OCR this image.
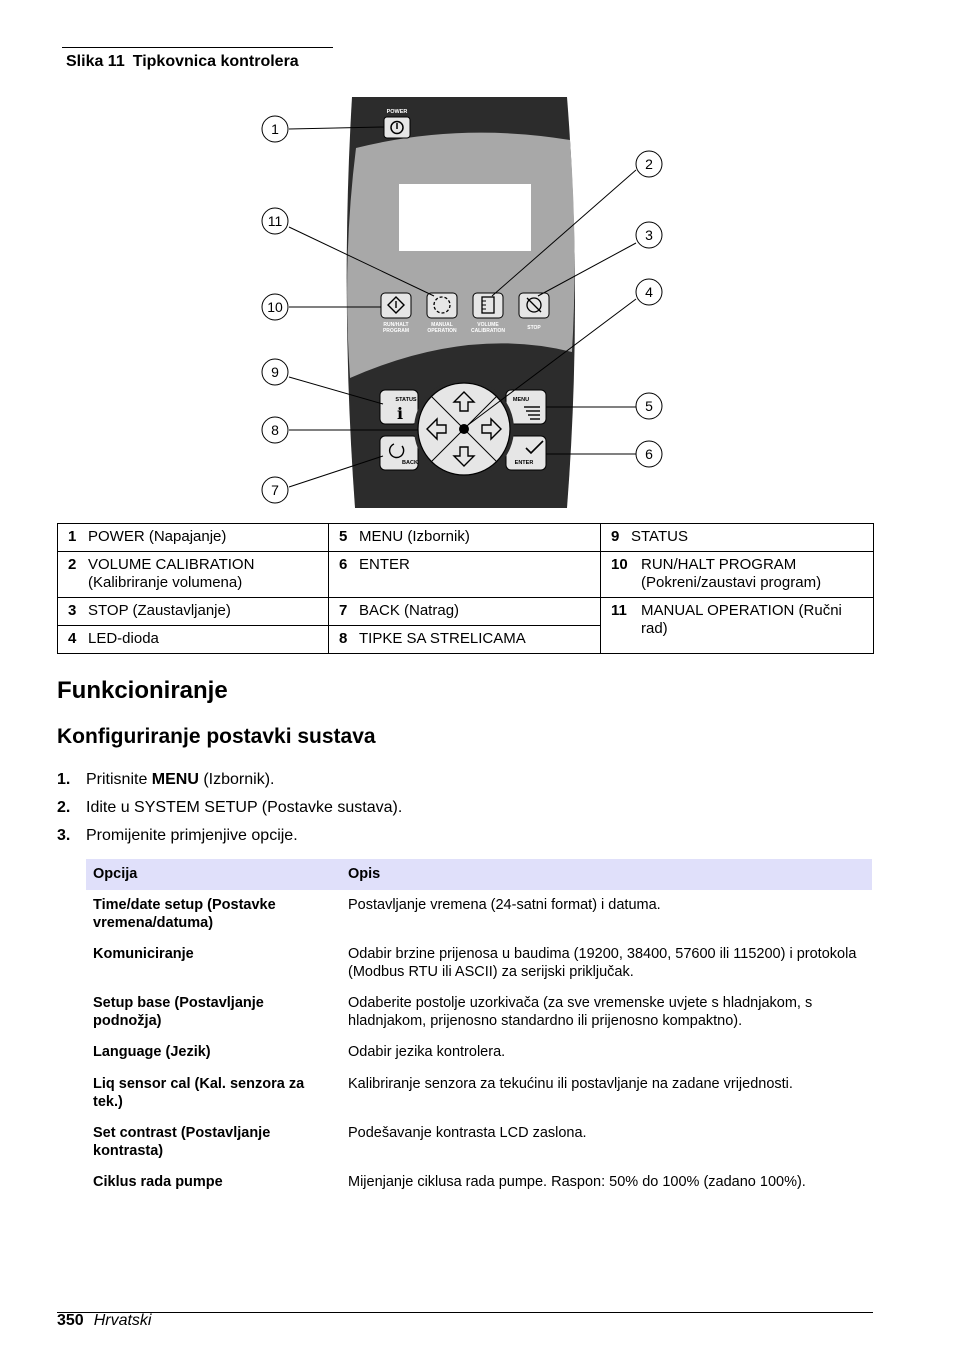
Slika 11 Tipkovnica kontrolera
POWER
RUN/HALT
PROGRAM
MANUAL
OPERATION
VOLUME
CALIBRATION	STOP
STATUS
i
MENU
BACK	ENTER
1
2
3
4
5
6
7
8
9
10
11
1 POWER (Napajanje)	5 MENU (Izbornik)	9 STATUS
2 VOLUME CALIBRATION (Kalibriranje volumena)	6 ENTER	10 RUN/HALT PROGRAM (Pokreni/zaustavi program)
3 STOP (Zaustavljanje)	7 BACK (Natrag)	11 MANUAL OPERATION (Ručni rad)
4 LED-dioda	8 TIPKE SA STRELICAMA	
Funkcioniranje
Konfiguriranje postavki sustava
1. Pritisnite MENU (Izbornik).
2. Idite u SYSTEM SETUP (Postavke sustava).
3. Promijenite primjenjive opcije.
Opcija	Opis
Time/date setup (Postavke vremena/datuma)	Postavljanje vremena (24-satni format) i datuma.
Komuniciranje	Odabir brzine prijenosa u baudima (19200, 38400, 57600 ili 115200) i protokola (Modbus RTU ili ASCII) za serijski priključak.
Setup base (Postavljanje podnožja)	Odaberite postolje uzorkivača (za sve vremenske uvjete s hladnjakom, s hladnjakom, prijenosno standardno ili prijenosno kompaktno).
Language (Jezik)	Odabir jezika kontrolera.
Liq sensor cal (Kal. senzora za tek.)	Kalibriranje senzora za tekućinu ili postavljanje na zadane vrijednosti.
Set contrast (Postavljanje kontrasta)	Podešavanje kontrasta LCD zaslona.
Ciklus rada pumpe	Mijenjanje ciklusa rada pumpe. Raspon: 50% do 100% (zadano 100%).
350 Hrvatski
